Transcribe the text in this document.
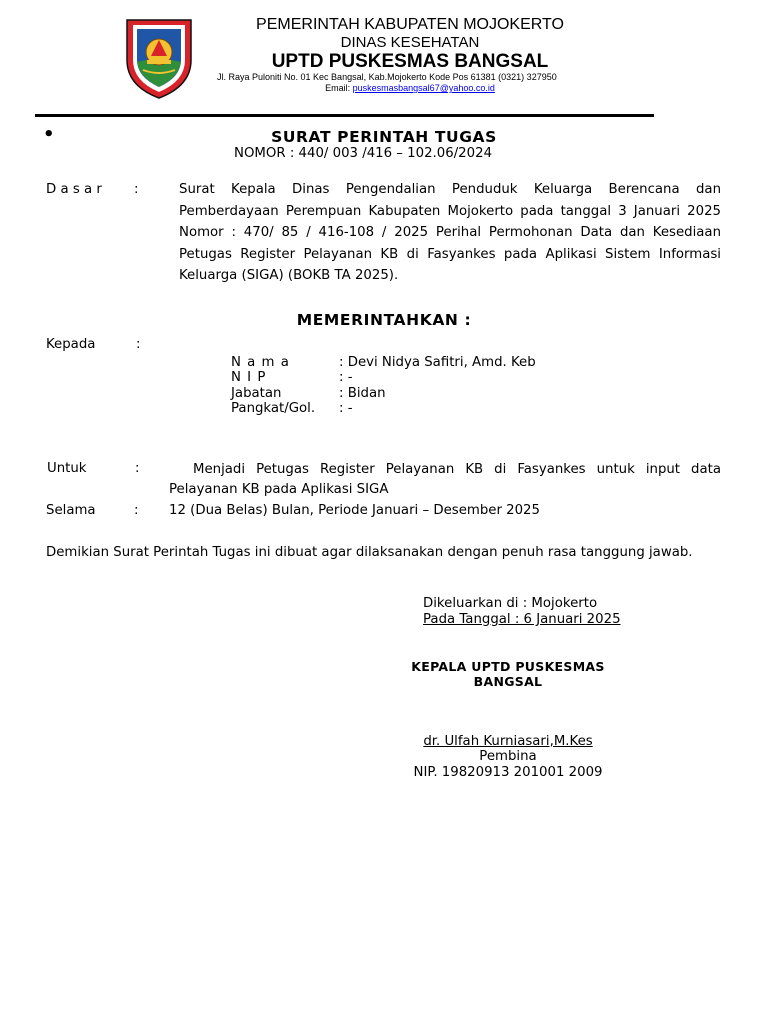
PEMERINTAH KABUPATEN MOJOKERTO
DINAS KESEHATAN
UPTD PUSKESMAS BANGSAL
Jl. Raya Puloniti No. 01 Kec Bangsal, Kab.Mojokerto Kode Pos 61381 (0321) 327950
Email: puskesmasbangsal67@yahoo.co.id
•	SURAT PERINTAH TUGAS
NOMOR : 440/ 003 /416 – 102.06/2024
D a s a r :	Surat Kepala Dinas Pengendalian Penduduk Keluarga Berencana dan Pemberdayaan Perempuan Kabupaten Mojokerto pada tanggal 3 Januari 2025 Nomor : 470/ 85 / 416-108 / 2025 Perihal Permohonan Data dan Kesediaan Petugas Register Pelayanan KB di Fasyankes pada Aplikasi Sistem Informasi Keluarga (SIGA) (BOKB TA 2025).
MEMERINTAHKAN :
Kepada	:
N a m a	: Devi Nidya Safitri, Amd. Keb
N I P	: -
Jabatan	: Bidan
Pangkat/Gol. : -
Untuk	:	Menjadi Petugas Register Pelayanan KB di Fasyankes untuk input data
Pelayanan KB pada Aplikasi SIGA
Selama	: 12 (Dua Belas) Bulan, Periode Januari – Desember 2025
Demikian Surat Perintah Tugas ini dibuat agar dilaksanakan dengan penuh rasa tanggung jawab.
Dikeluarkan di : Mojokerto
Pada Tanggal : 6 Januari 2025
KEPALA UPTD PUSKESMAS
BANGSAL
dr. Ulfah Kurniasari,M.Kes
Pembina
NIP. 19820913 201001 2009
